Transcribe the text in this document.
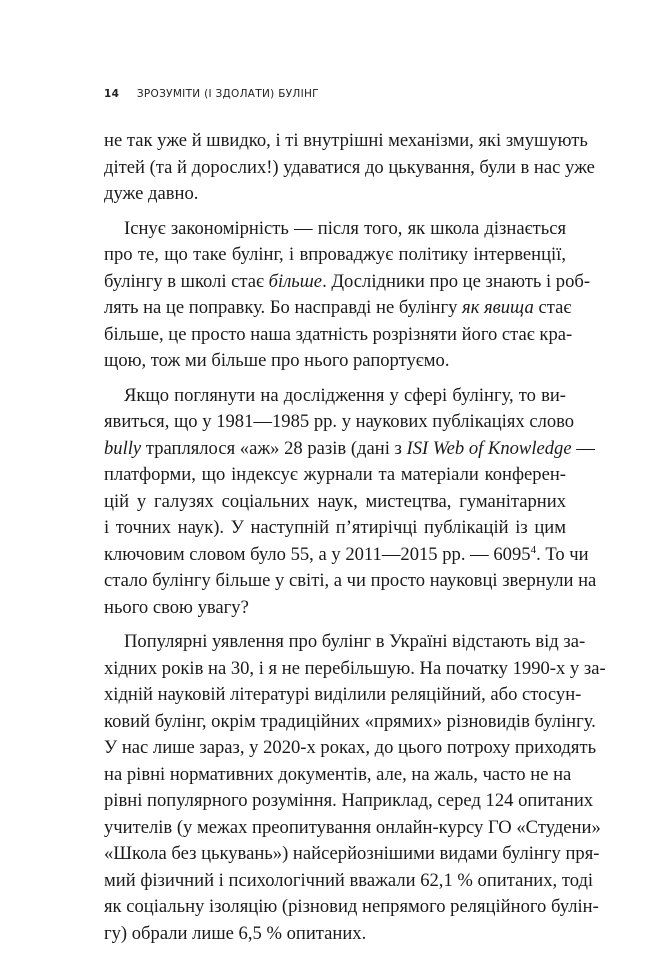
14 ЗРОЗУМІТИ (І ЗДОЛАТИ) БУЛІНГ
не так уже й швидко, і ті внутрішні механізми, які змушують
дітей (та й дорослих!) удаватися до цькування, були в нас уже
дуже давно.
Існує закономірність — після того, як школа дізнається
про те, що таке булінг, і впроваджує політику інтервенції,
булінгу в школі стає більше. Дослідники про це знають і роб-
лять на це поправку. Бо насправді не булінгу як явища стає
більше, це просто наша здатність розрізняти його стає кра-
щою, тож ми більше про нього рапортуємо.
Якщо поглянути на дослідження у сфері булінгу, то ви-
явиться, що у 1981—1985 рр. у наукових публікаціях слово
bully траплялося «аж» 28 разів (дані з ISI Web of Knowledge —
платформи, що індексує журнали та матеріали конферен-
цій у галузях соціальних наук, мистецтва, гуманітарних
і точних наук). У наступній п’ятирічці публікацій із цим
ключовим словом було 55, а у 2011—2015 рр. — 6095$^4$. То чи
стало булінгу більше у світі, а чи просто науковці звернули на
нього свою увагу?
Популярні уявлення про булінг в Україні відстають від за-
хідних років на 30, і я не перебільшую. На початку 1990-х у за-
хідній науковій літературі виділили реляційний, або стосун-
ковий булінг, окрім традиційних «прямих» різновидів булінгу.
У нас лише зараз, у 2020-х роках, до цього потроху приходять
на рівні нормативних документів, але, на жаль, часто не на
рівні популярного розуміння. Наприклад, серед 124 опитаних
учителів (у межах преопитування онлайн-курсу ГО «Студени»
«Школа без цькувань») найсерйознішими видами булінгу пря-
мий фізичний і психологічний вважали 62,1 % опитаних, тоді
як соціальну ізоляцію (різновид непрямого реляційного булін-
гу) обрали лише 6,5 % опитаних.
